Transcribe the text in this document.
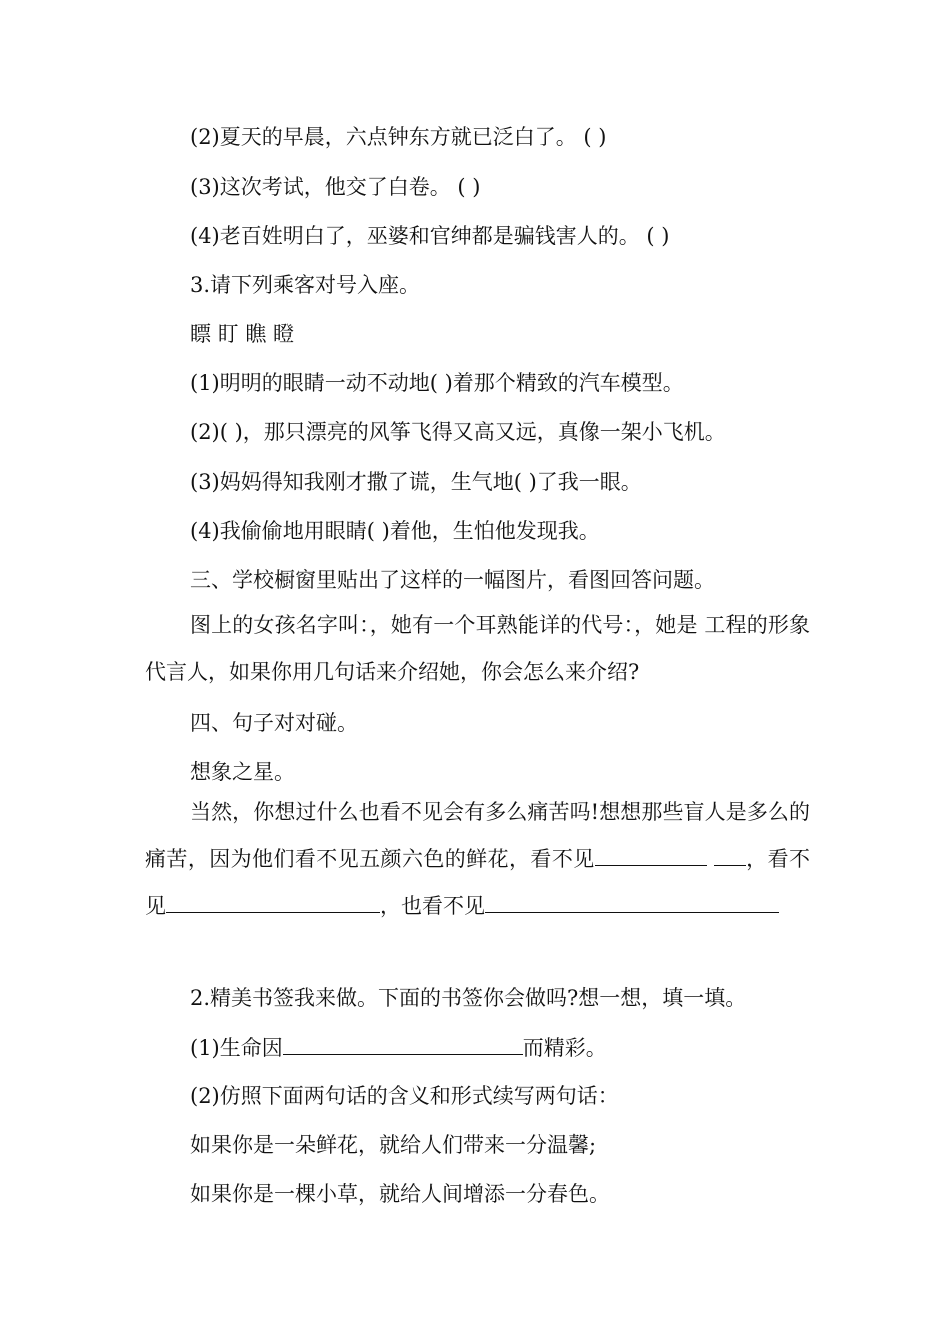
(2)夏天的早晨，六点钟东方就已泛白了。 ( )
(3)这次考试，他交了白卷。 ( )
(4)老百姓明白了，巫婆和官绅都是骗钱害人的。 ( )
3.请下列乘客对号入座。
瞟 盯 瞧 瞪
(1)明明的眼睛一动不动地( )着那个精致的汽车模型。
(2)( )，那只漂亮的风筝飞得又高又远，真像一架小飞机。
(3)妈妈得知我刚才撒了谎，生气地( )了我一眼。
(4)我偷偷地用眼睛( )着他，生怕他发现我。
三、学校橱窗里贴出了这样的一幅图片，看图回答问题。
图上的女孩名字叫：，她有一个耳熟能详的代号：，她是 工程的形象代言人，如果你用几句话来介绍她，你会怎么来介绍?
四、句子对对碰。
想象之星。
当然，你想过什么也看不见会有多么痛苦吗!想想那些盲人是多么的痛苦，因为他们看不见五颜六色的鲜花，看不见	，看不见	，也看不见
2.精美书签我来做。下面的书签你会做吗?想一想，填一填。
(1)生命因	而精彩。
(2)仿照下面两句话的含义和形式续写两句话：
如果你是一朵鲜花，就给人们带来一分温馨;
如果你是一棵小草，就给人间增添一分春色。
